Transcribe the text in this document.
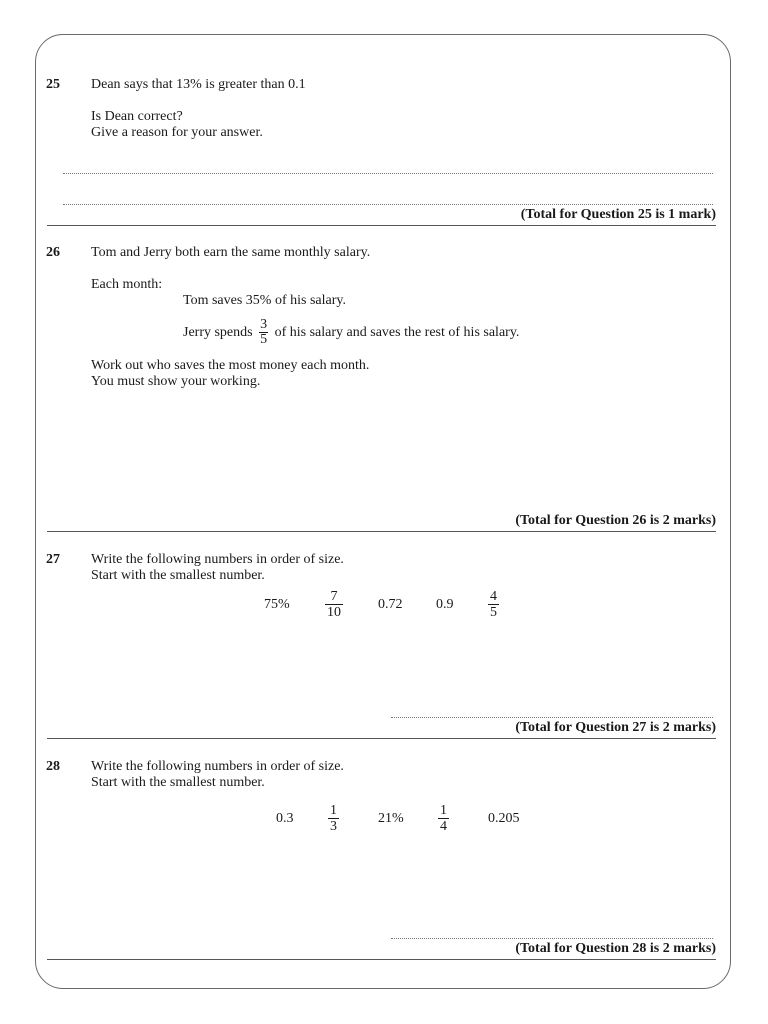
25 Dean says that 13% is greater than 0.1
Is Dean correct?
Give a reason for your answer.
(Total for Question 25 is 1 mark)
26 Tom and Jerry both earn the same monthly salary.
Each month:
Tom saves 35% of his salary.
Jerry spends $\frac{3}{5}$ of his salary and saves the rest of his salary.
Work out who saves the most money each month.
You must show your working.
(Total for Question 26 is 2 marks)
27 Write the following numbers in order of size.
Start with the smallest number.
75%	$\frac{7}{10}$	0.72 $0.9 \frac{4}{5}$
(Total for Question 27 is 2 marks)
28 Write the following numbers in order of size.
Start with the smallest number.
$0.3 \frac{1}{3}$	$21\% \frac{1}{4}$	0.205
(Total for Question 28 is 2 marks)
